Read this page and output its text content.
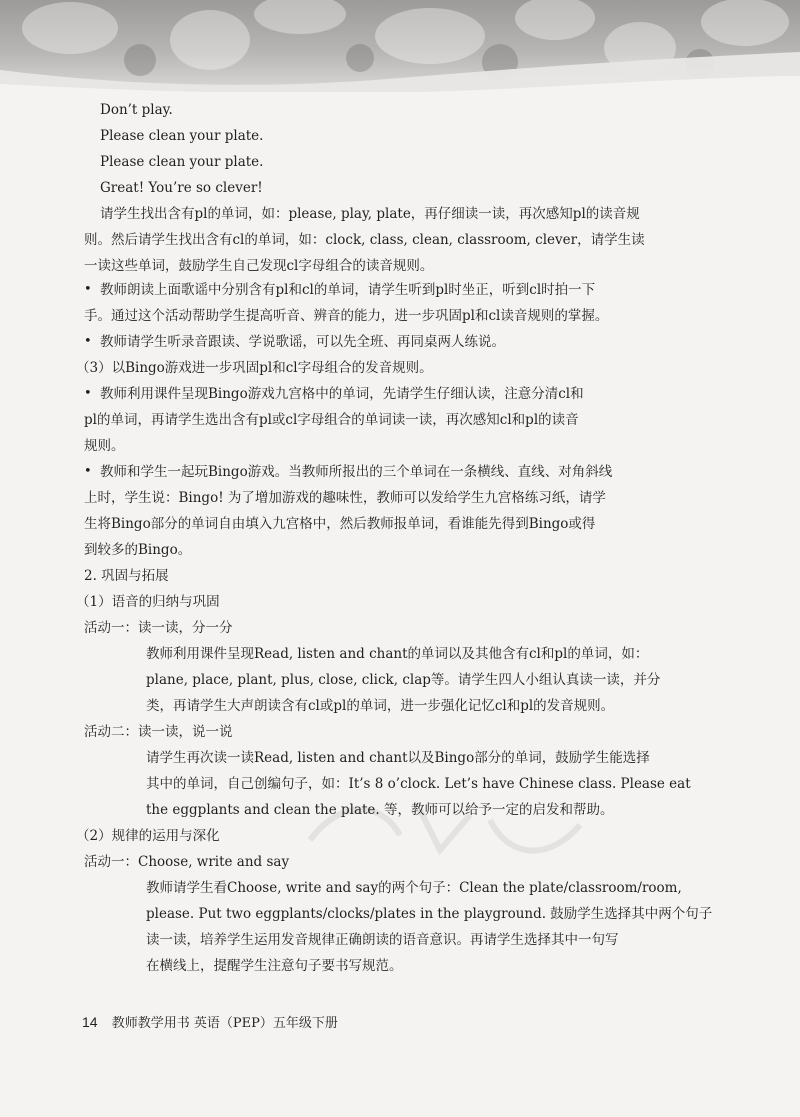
Don’t play.
Please clean your plate.
Please clean your plate.
Great! You’re so clever!
请学生找出含有pl的单词，如：please, play, plate，再仔细读一读，再次感知pl的读音规
则。然后请学生找出含有cl的单词，如：clock, class, clean, classroom, clever，请学生读
一读这些单词，鼓励学生自己发现cl字母组合的读音规则。
• 教师朗读上面歌谣中分别含有pl和cl的单词，请学生听到pl时坐正，听到cl时拍一下
手。通过这个活动帮助学生提高听音、辨音的能力，进一步巩固pl和cl读音规则的掌握。
• 教师请学生听录音跟读、学说歌谣，可以先全班、再同桌两人练说。
（3）以Bingo游戏进一步巩固pl和cl字母组合的发音规则。
• 教师利用课件呈现Bingo游戏九宫格中的单词，先请学生仔细认读，注意分清cl和
pl的单词，再请学生选出含有pl或cl字母组合的单词读一读，再次感知cl和pl的读音
规则。
• 教师和学生一起玩Bingo游戏。当教师所报出的三个单词在一条横线、直线、对角斜线
上时，学生说：Bingo! 为了增加游戏的趣味性，教师可以发给学生九宫格练习纸，请学
生将Bingo部分的单词自由填入九宫格中，然后教师报单词，看谁能先得到Bingo或得
到较多的Bingo。
2. 巩固与拓展
（1）语音的归纳与巩固
活动一：读一读，分一分
教师利用课件呈现Read, listen and chant的单词以及其他含有cl和pl的单词，如：
plane, place, plant, plus, close, click, clap等。请学生四人小组认真读一读，并分
类，再请学生大声朗读含有cl或pl的单词，进一步强化记忆cl和pl的发音规则。
活动二：读一读，说一说
请学生再次读一读Read, listen and chant以及Bingo部分的单词，鼓励学生能选择
其中的单词，自己创编句子，如：It’s 8 o’clock. Let’s have Chinese class. Please eat
the eggplants and clean the plate. 等，教师可以给予一定的启发和帮助。
（2）规律的运用与深化
活动一：Choose, write and say
教师请学生看Choose, write and say的两个句子：Clean the plate/classroom/room,
please. Put two eggplants/clocks/plates in the playground. 鼓励学生选择其中两个句子
读一读，培养学生运用发音规律正确朗读的语音意识。再请学生选择其中一句写
在横线上，提醒学生注意句子要书写规范。
14 教师教学用书 英语（PEP）五年级下册
